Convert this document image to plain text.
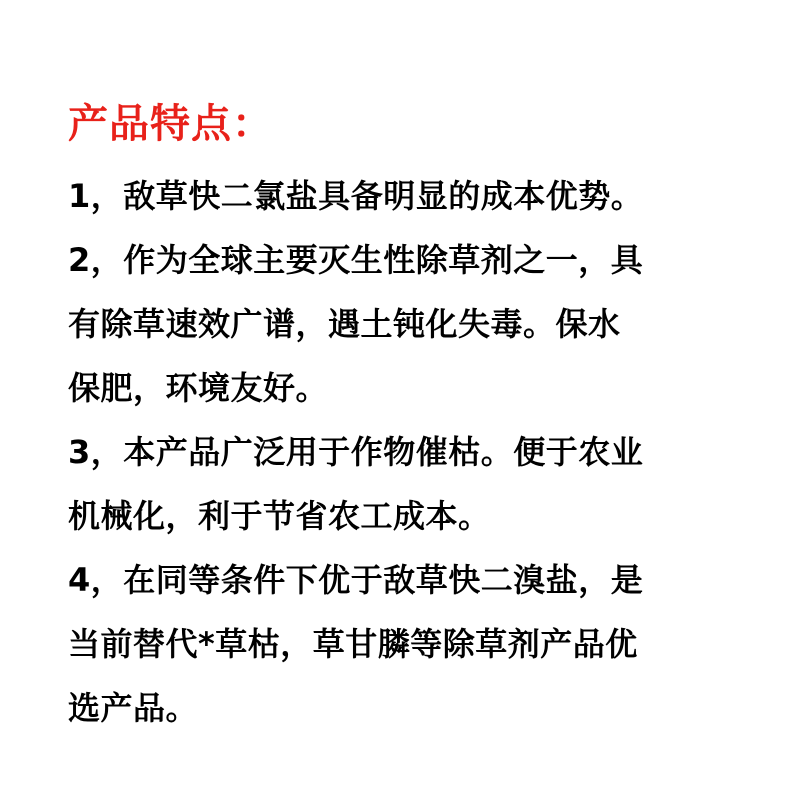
产品特点：
1，敌草快二氯盐具备明显的成本优势。
2，作为全球主要灭生性除草剂之一，具
有除草速效广谱，遇土钝化失毒。保水
保肥，环境友好。
3，本产品广泛用于作物催枯。便于农业
机械化，利于节省农工成本。
4，在同等条件下优于敌草快二溴盐，是
当前替代*草枯，草甘膦等除草剂产品优
选产品。
